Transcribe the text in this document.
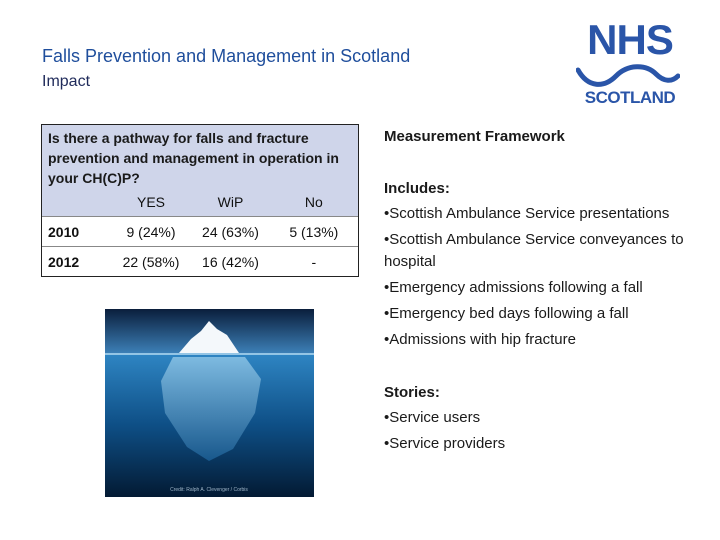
Falls Prevention and Management in Scotland
Impact
NHS
SCOTLAND
Is there a pathway for falls and fracture prevention and management in operation in your CH(C)P?
YES	WiP	No
2010	9 (24%)	24 (63%)	5 (13%)
2012	22 (58%)	16 (42%)	-
Credit: Ralph A. Clevenger / Corbis
Measurement Framework
Includes:
•Scottish Ambulance Service presentations
•Scottish Ambulance Service conveyances to hospital
•Emergency admissions following a fall
•Emergency bed days following a fall
•Admissions with hip fracture
Stories:
•Service users
•Service providers
